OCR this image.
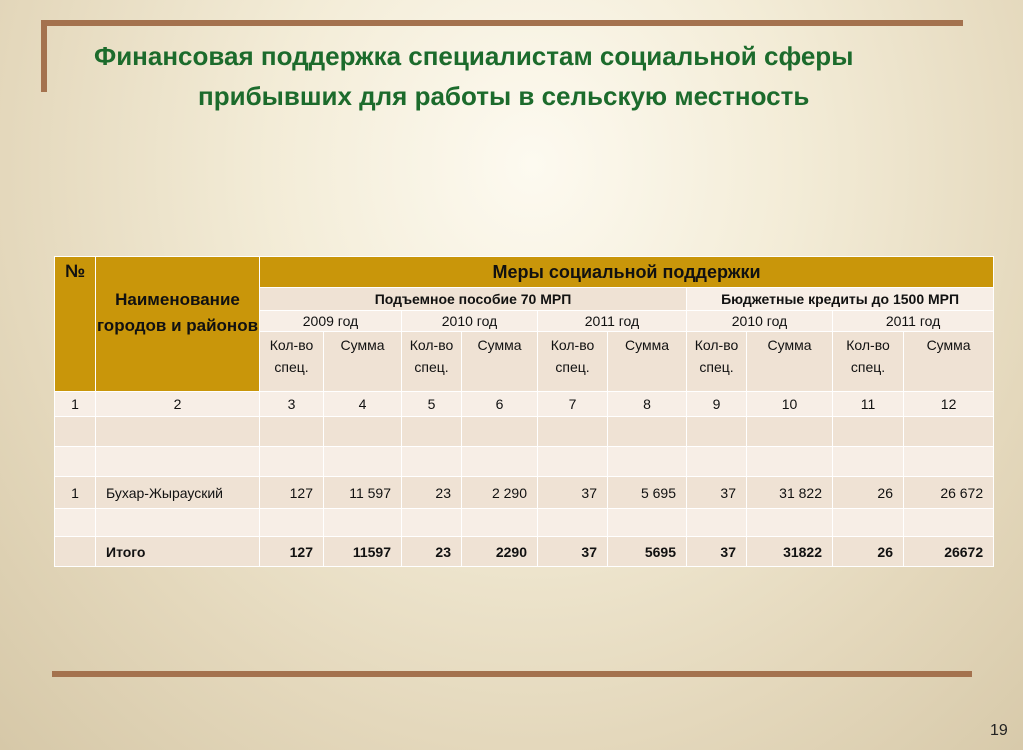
Финансовая поддержка специалистам социальной сферы
прибывших для работы в сельскую местность
№	Наименование городов и районов	Меры социальной поддержки									
		Подъемное пособие 70 МРП						Бюджетные кредиты до 1500 МРП			
		2009 год		2010 год		2011 год		2010 год		2011 год	
		Кол-во спец.	Сумма	Кол-во спец.	Сумма	Кол-во спец.	Сумма	Кол-во спец.	Сумма	Кол-во спец.	Сумма
1	2	3	4	5	6	7	8	9	10	11	12

1	Бухар-Жырауский	127	11 597	23	2 290	37	5 695	37	31 822	26	26 672

	Итого	127	11597	23	2290	37	5695	37	31822	26	26672
19
